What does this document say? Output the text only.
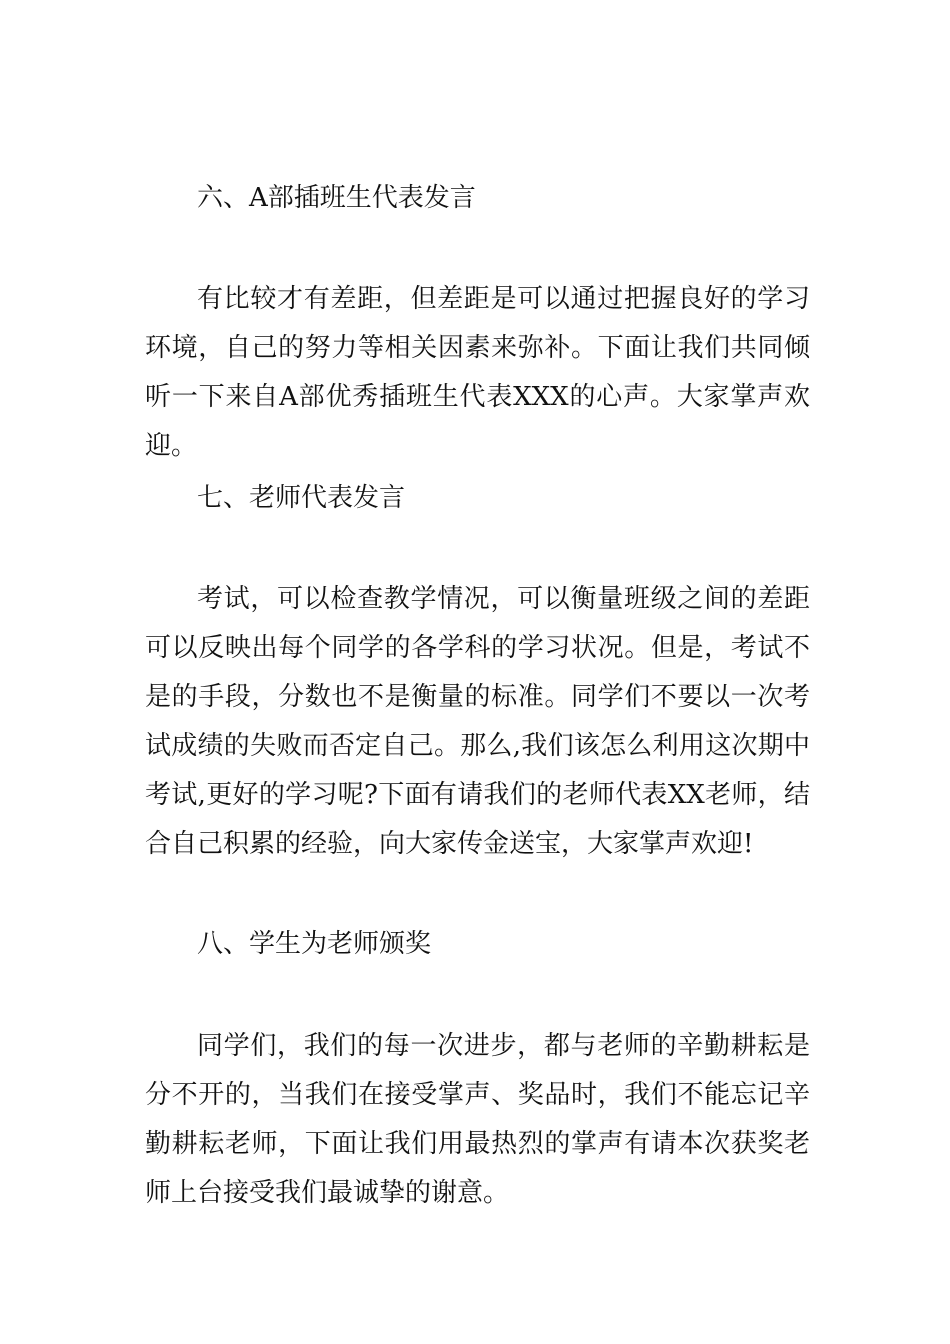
六、A部插班生代表发言
有比较才有差距，但差距是可以通过把握良好的学习环境，自己的努力等相关因素来弥补。下面让我们共同倾听一下来自A部优秀插班生代表XXX的心声。大家掌声欢迎。
七、老师代表发言
考试，可以检查教学情况，可以衡量班级之间的差距可以反映出每个同学的各学科的学习状况。但是，考试不是的手段，分数也不是衡量的标准。同学们不要以一次考试成绩的失败而否定自己。那么,我们该怎么利用这次期中考试,更好的学习呢?下面有请我们的老师代表XX老师，结合自己积累的经验，向大家传金送宝，大家掌声欢迎!
八、学生为老师颁奖
同学们，我们的每一次进步，都与老师的辛勤耕耘是分不开的，当我们在接受掌声、奖品时，我们不能忘记辛勤耕耘老师，下面让我们用最热烈的掌声有请本次获奖老师上台接受我们最诚挚的谢意。
